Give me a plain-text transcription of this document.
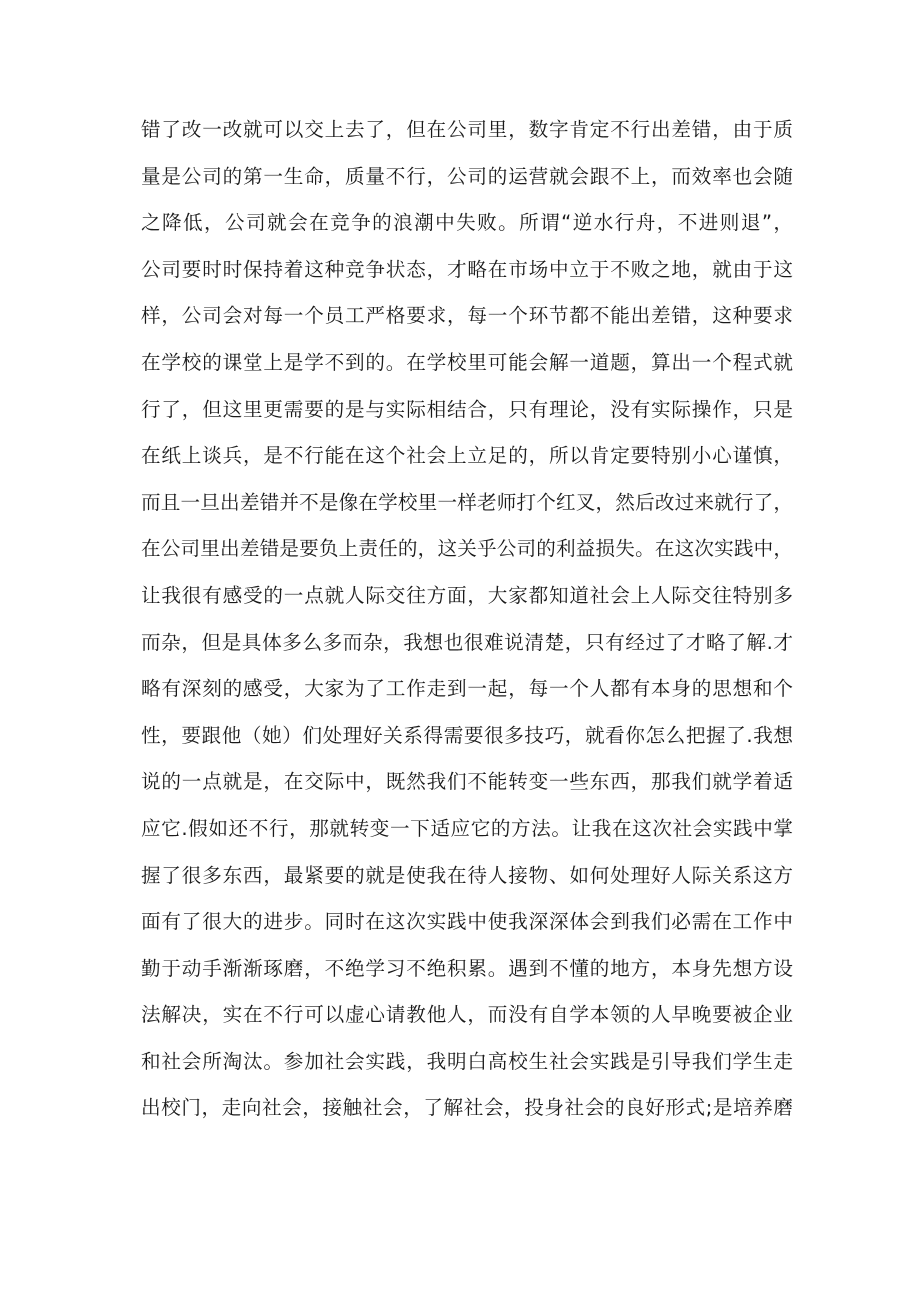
错了改一改就可以交上去了，但在公司里，数字肯定不行出差错，由于质
量是公司的第一生命，质量不行，公司的运营就会跟不上，而效率也会随
之降低，公司就会在竞争的浪潮中失败。所谓“逆水行舟，不进则退”，
公司要时时保持着这种竞争状态，才略在市场中立于不败之地，就由于这
样，公司会对每一个员工严格要求，每一个环节都不能出差错，这种要求
在学校的课堂上是学不到的。在学校里可能会解一道题，算出一个程式就
行了，但这里更需要的是与实际相结合，只有理论，没有实际操作，只是
在纸上谈兵，是不行能在这个社会上立足的，所以肯定要特别小心谨慎，
而且一旦出差错并不是像在学校里一样老师打个红叉，然后改过来就行了，
在公司里出差错是要负上责任的，这关乎公司的利益损失。在这次实践中，
让我很有感受的一点就人际交往方面，大家都知道社会上人际交往特别多
而杂，但是具体多么多而杂，我想也很难说清楚，只有经过了才略了解.才
略有深刻的感受，大家为了工作走到一起，每一个人都有本身的思想和个
性，要跟他（她）们处理好关系得需要很多技巧，就看你怎么把握了.我想
说的一点就是，在交际中，既然我们不能转变一些东西，那我们就学着适
应它.假如还不行，那就转变一下适应它的方法。让我在这次社会实践中掌
握了很多东西，最紧要的就是使我在待人接物、如何处理好人际关系这方
面有了很大的进步。同时在这次实践中使我深深体会到我们必需在工作中
勤于动手渐渐琢磨，不绝学习不绝积累。遇到不懂的地方，本身先想方设
法解决，实在不行可以虚心请教他人，而没有自学本领的人早晚要被企业
和社会所淘汰。参加社会实践，我明白高校生社会实践是引导我们学生走
出校门，走向社会，接触社会，了解社会，投身社会的良好形式;是培养磨
